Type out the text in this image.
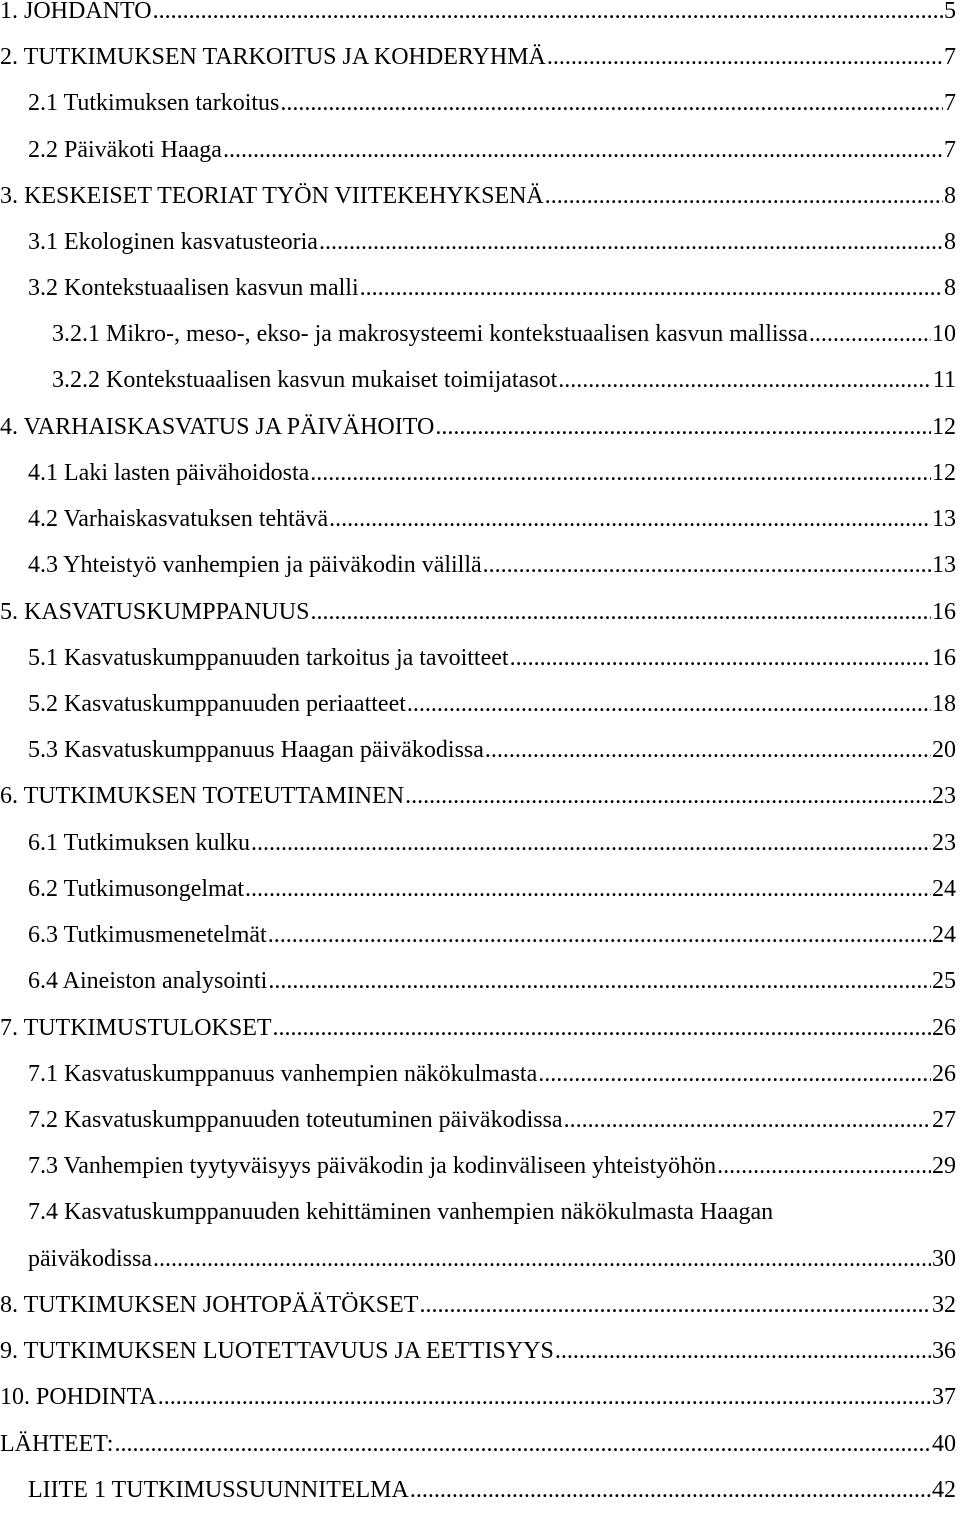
1. JOHDANTO .....	5
2. TUTKIMUKSEN TARKOITUS JA KOHDERYHMÄ .....	7
2.1 Tutkimuksen tarkoitus .....	7
2.2 Päiväkoti Haaga .....	7
3. KESKEISET TEORIAT TYÖN VIITEKEHYKSENÄ .....	8
3.1 Ekologinen kasvatusteoria .....	8
3.2 Kontekstuaalisen kasvun malli .....	8
3.2.1 Mikro-, meso-, ekso- ja makrosysteemi kontekstuaalisen kasvun mallissa .....	10
3.2.2 Kontekstuaalisen kasvun mukaiset toimijatasot .....	11
4. VARHAISKASVATUS JA PÄIVÄHOITO .....	12
4.1 Laki lasten päivähoidosta .....	12
4.2 Varhaiskasvatuksen tehtävä .....	13
4.3 Yhteistyö vanhempien ja päiväkodin välillä .....	13
5. KASVATUSKUMPPANUUS .....	16
5.1 Kasvatuskumppanuuden tarkoitus ja tavoitteet .....	16
5.2 Kasvatuskumppanuuden periaatteet .....	18
5.3 Kasvatuskumppanuus Haagan päiväkodissa .....	20
6. TUTKIMUKSEN TOTEUTTAMINEN .....	23
6.1 Tutkimuksen kulku .....	23
6.2 Tutkimusongelmat .....	24
6.3 Tutkimusmenetelmät .....	24
6.4 Aineiston analysointi .....	25
7. TUTKIMUSTULOKSET .....	26
7.1 Kasvatuskumppanuus vanhempien näkökulmasta .....	26
7.2 Kasvatuskumppanuuden toteutuminen päiväkodissa .....	27
7.3 Vanhempien tyytyväisyys päiväkodin ja kodinväliseen yhteistyöhön .....	29
7.4 Kasvatuskumppanuuden kehittäminen vanhempien näkökulmasta Haagan
päiväkodissa .....	30
8. TUTKIMUKSEN JOHTOPÄÄTÖKSET .....	32
9. TUTKIMUKSEN LUOTETTAVUUS JA EETTISYYS .....	36
10. POHDINTA .....	37
LÄHTEET: .....	40
LIITE 1 TUTKIMUSSUUNNITELMA .....	42
